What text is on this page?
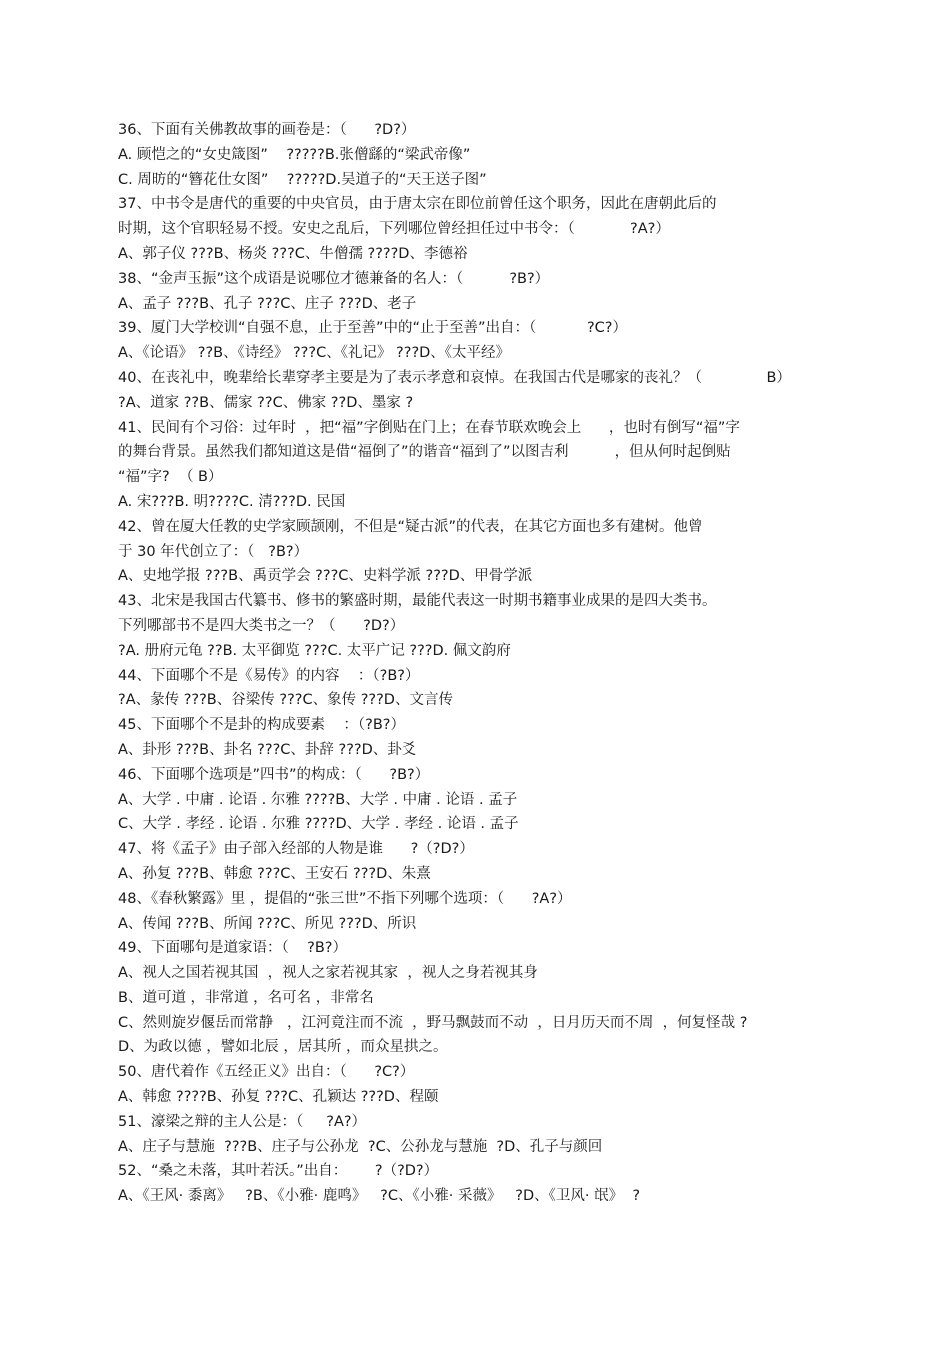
36、下面有关佛教故事的画卷是：（      ?D?）
A. 顾恺之的“女史箴图”    ?????B.张僧繇的“梁武帝像”
C. 周昉的“簪花仕女图”    ?????D.吴道子的“天王送子图”
37、中书令是唐代的重要的中央官员，由于唐太宗在即位前曾任这个职务，因此在唐朝此后的
时期，这个官职轻易不授。安史之乱后，下列哪位曾经担任过中书令：（            ?A?）
A、郭子仪 ???B、杨炎 ???C、牛僧孺 ????D、李德裕
38、“金声玉振”这个成语是说哪位才德兼备的名人：（          ?B?）
A、孟子 ???B、孔子 ???C、庄子 ???D、老子
39、厦门大学校训“自强不息，止于至善”中的“止于至善”出自：（           ?C?）
A、《论语》 ??B、《诗经》 ???C、《礼记》 ???D、《太平经》
40、在丧礼中，晚辈给长辈穿孝主要是为了表示孝意和哀悼。在我国古代是哪家的丧礼？（              B）
?A、道家 ??B、儒家 ??C、佛家 ??D、墨家 ?
41、民间有个习俗：过年时  ，把“福”字倒贴在门上；在春节联欢晚会上      ，也时有倒写“福”字
的舞台背景。虽然我们都知道这是借“福倒了”的谐音“福到了”以图吉利          ，但从何时起倒贴
“福”字?  （ B）
A. 宋???B. 明????C. 清???D. 民国
42、曾在厦大任教的史学家顾颉刚，不但是“疑古派”的代表，在其它方面也多有建树。他曾
于 30 年代创立了：（   ?B?）
A、史地学报 ???B、禹贡学会 ???C、史料学派 ???D、甲骨学派
43、北宋是我国古代纂书、修书的繁盛时期，最能代表这一时期书籍事业成果的是四大类书。
下列哪部书不是四大类书之一？（      ?D?）
?A. 册府元龟 ??B. 太平御览 ???C. 太平广记 ???D. 佩文韵府
44、下面哪个不是《易传》的内容    ：（?B?）
?A、彖传 ???B、谷梁传 ???C、象传 ???D、文言传
45、下面哪个不是卦的构成要素    ：（?B?）
A、卦形 ???B、卦名 ???C、卦辞 ???D、卦爻
46、下面哪个选项是”四书”的构成：（      ?B?）
A、大学 . 中庸 . 论语 . 尔雅 ????B、大学 . 中庸 . 论语 . 孟子
C、大学 . 孝经 . 论语 . 尔雅 ????D、大学 . 孝经 . 论语 . 孟子
47、将《孟子》由子部入经部的人物是谁      ?（?D?）
A、孙复 ???B、韩愈 ???C、王安石 ???D、朱熹
48、《春秋繁露》里 ，提倡的“张三世”不指下列哪个选项：（      ?A?）
A、传闻 ???B、所闻 ???C、所见 ???D、所识
49、下面哪句是道家语：（    ?B?）
A、视人之国若视其国  ，视人之家若视其家  ，视人之身若视其身
B、道可道 ，非常道 ，名可名 ，非常名
C、然则旋岁偃岳而常静   ，江河竟注而不流  ，野马飘鼓而不动  ，日月历天而不周  ，何复怪哉 ?
D、为政以德 ，譬如北辰 ，居其所 ，而众星拱之。
50、唐代着作《五经正义》出自：（      ?C?）
A、韩愈 ????B、孙复 ???C、孔颖达 ???D、程颐
51、濠梁之辩的主人公是：（     ?A?）
A、庄子与慧施  ???B、庄子与公孙龙  ?C、公孙龙与慧施  ?D、孔子与颜回
52、“桑之未落，其叶若沃。”出自：      ?（?D?）
A、《王风· 黍离》   ?B、《小雅· 鹿鸣》   ?C、《小雅· 采薇》   ?D、《卫风· 氓》  ?
